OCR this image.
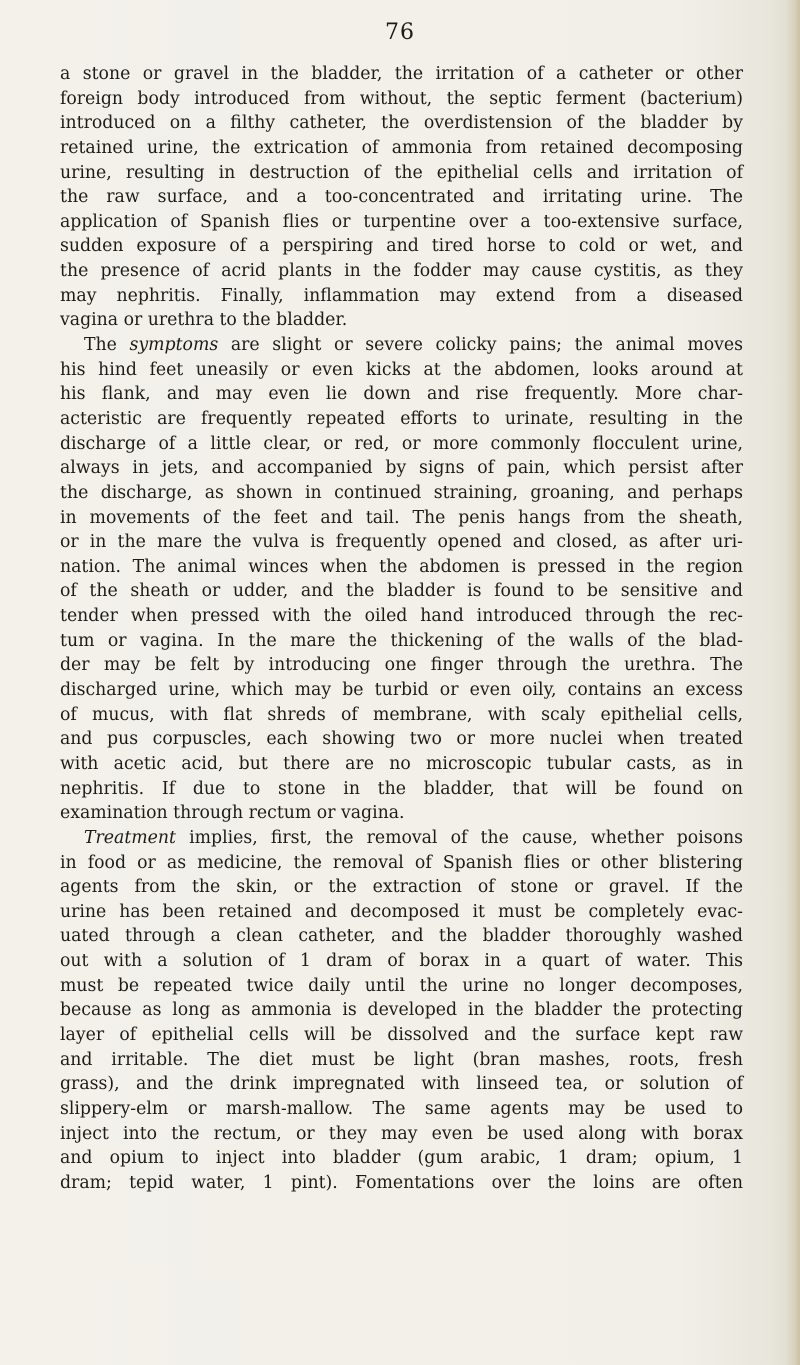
76

a stone or gravel in the bladder, the irritation of a catheter or other
foreign body introduced from without, the septic ferment (bacterium)
introduced on a filthy catheter, the overdistension of the bladder by
retained urine, the extrication of ammonia from retained decomposing
urine, resulting in destruction of the epithelial cells and irritation of
the raw surface, and a too-concentrated and irritating urine. The
application of Spanish flies or turpentine over a too-extensive surface,
sudden exposure of a perspiring and tired horse to cold or wet, and
the presence of acrid plants in the fodder may cause cystitis, as they
may nephritis. Finally, inflammation may extend from a diseased
vagina or urethra to the bladder.

The symptoms are slight or severe colicky pains; the animal moves
his hind feet uneasily or even kicks at the abdomen, looks around at
his flank, and may even lie down and rise frequently. More char-
acteristic are frequently repeated efforts to urinate, resulting in the
discharge of a little clear, or red, or more commonly flocculent urine,
always in jets, and accompanied by signs of pain, which persist after
the discharge, as shown in continued straining, groaning, and perhaps
in movements of the feet and tail. The penis hangs from the sheath,
or in the mare the vulva is frequently opened and closed, as after uri-
nation. The animal winces when the abdomen is pressed in the region
of the sheath or udder, and the bladder is found to be sensitive and
tender when pressed with the oiled hand introduced through the rec-
tum or vagina. In the mare the thickening of the walls of the blad-
der may be felt by introducing one finger through the urethra. The
discharged urine, which may be turbid or even oily, contains an excess
of mucus, with flat shreds of membrane, with scaly epithelial cells,
and pus corpuscles, each showing two or more nuclei when treated
with acetic acid, but there are no microscopic tubular casts, as in
nephritis. If due to stone in the bladder, that will be found on
examination through rectum or vagina.

Treatment implies, first, the removal of the cause, whether poisons
in food or as medicine, the removal of Spanish flies or other blistering
agents from the skin, or the extraction of stone or gravel. If the
urine has been retained and decomposed it must be completely evac-
uated through a clean catheter, and the bladder thoroughly washed
out with a solution of 1 dram of borax in a quart of water. This
must be repeated twice daily until the urine no longer decomposes,
because as long as ammonia is developed in the bladder the protecting
layer of epithelial cells will be dissolved and the surface kept raw
and irritable. The diet must be light (bran mashes, roots, fresh
grass), and the drink impregnated with linseed tea, or solution of
slippery-elm or marsh-mallow. The same agents may be used to
inject into the rectum, or they may even be used along with borax
and opium to inject into bladder (gum arabic, 1 dram; opium, 1
dram; tepid water, 1 pint). Fomentations over the loins are often
